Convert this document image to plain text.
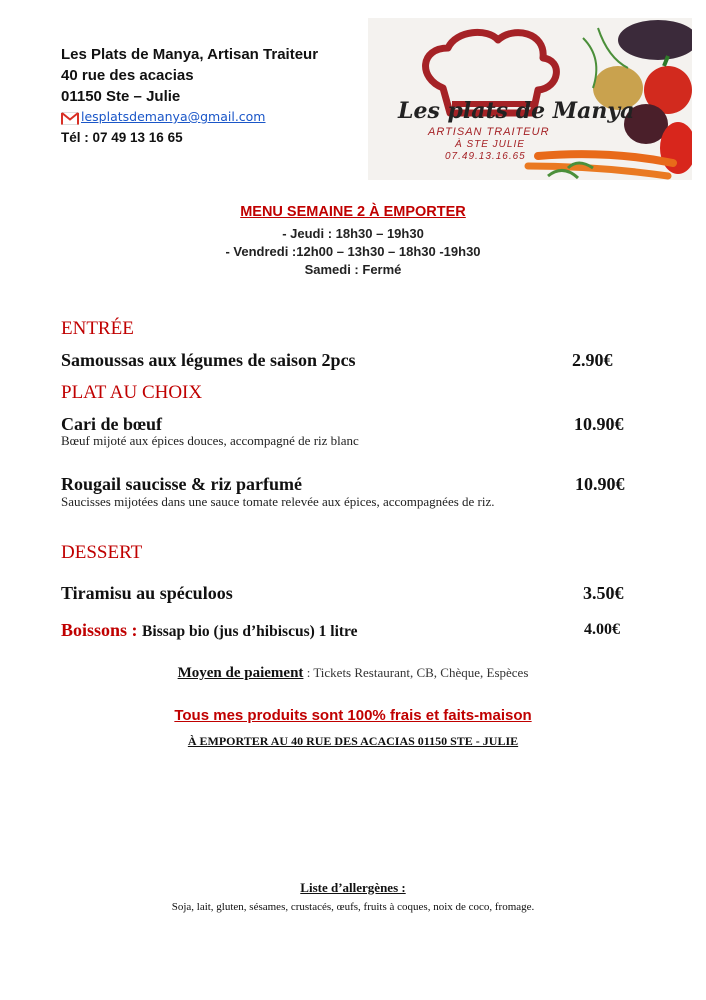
Les Plats de Manya, Artisan Traiteur
40 rue des acacias
01150 Ste – Julie
lesplatsdemanya@gmail.com
Tél : 07 49 13 16 65
Les plats de Manya
ARTISAN TRAITEUR
À STE JULIE
07.49.13.16.65
MENU SEMAINE 2 À EMPORTER
- Jeudi : 18h30 – 19h30
- Vendredi :12h00 – 13h30 – 18h30 -19h30
Samedi : Fermé
ENTRÉE
Samoussas aux légumes de saison 2pcs	2.90€
PLAT AU CHOIX
Cari de bœuf	10.90€
Bœuf mijoté aux épices douces, accompagné de riz blanc
Rougail saucisse & riz parfumé	10.90€
Saucisses mijotées dans une sauce tomate relevée aux épices, accompagnées de riz.
DESSERT
Tiramisu au spéculoos	3.50€
Boissons : Bissap bio (jus d’hibiscus) 1 litre	4.00€
Moyen de paiement : Tickets Restaurant, CB, Chèque, Espèces
Tous mes produits sont 100% frais et faits-maison
À EMPORTER AU 40 RUE DES ACACIAS 01150 STE - JULIE
Liste d’allergènes :
Soja, lait, gluten, sésames, crustacés, œufs, fruits à coques, noix de coco, fromage.
